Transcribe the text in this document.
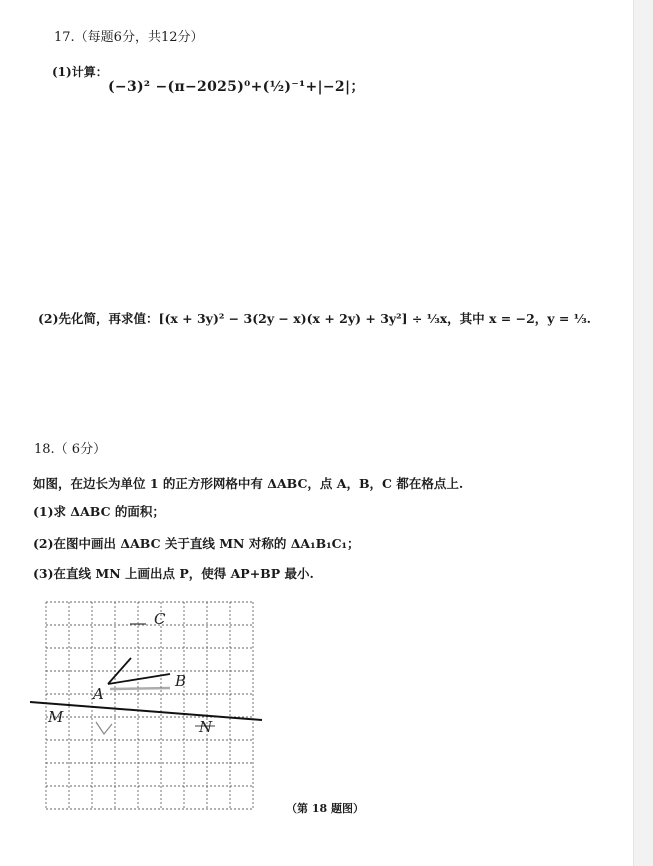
17.（每题6分，共12分）
(1)计算：
(−3)² −(π−2025)⁰+(½)⁻¹+|−2|；
(2)先化简，再求值：[(x + 3y)² − 3(2y − x)(x + 2y) + 3y²] ÷ ⅓x，其中 x = −2，y = ⅓.
18.（ 6分）
如图，在边长为单位 1 的正方形网格中有 ΔABC，点 A，B，C 都在格点上.
(1)求 ΔABC 的面积；
(2)在图中画出 ΔABC 关于直线 MN 对称的 ΔA₁B₁C₁；
(3)在直线 MN 上画出点 P，使得 AP+BP 最小.
C
A
B
M
N
（第 18 题图）
